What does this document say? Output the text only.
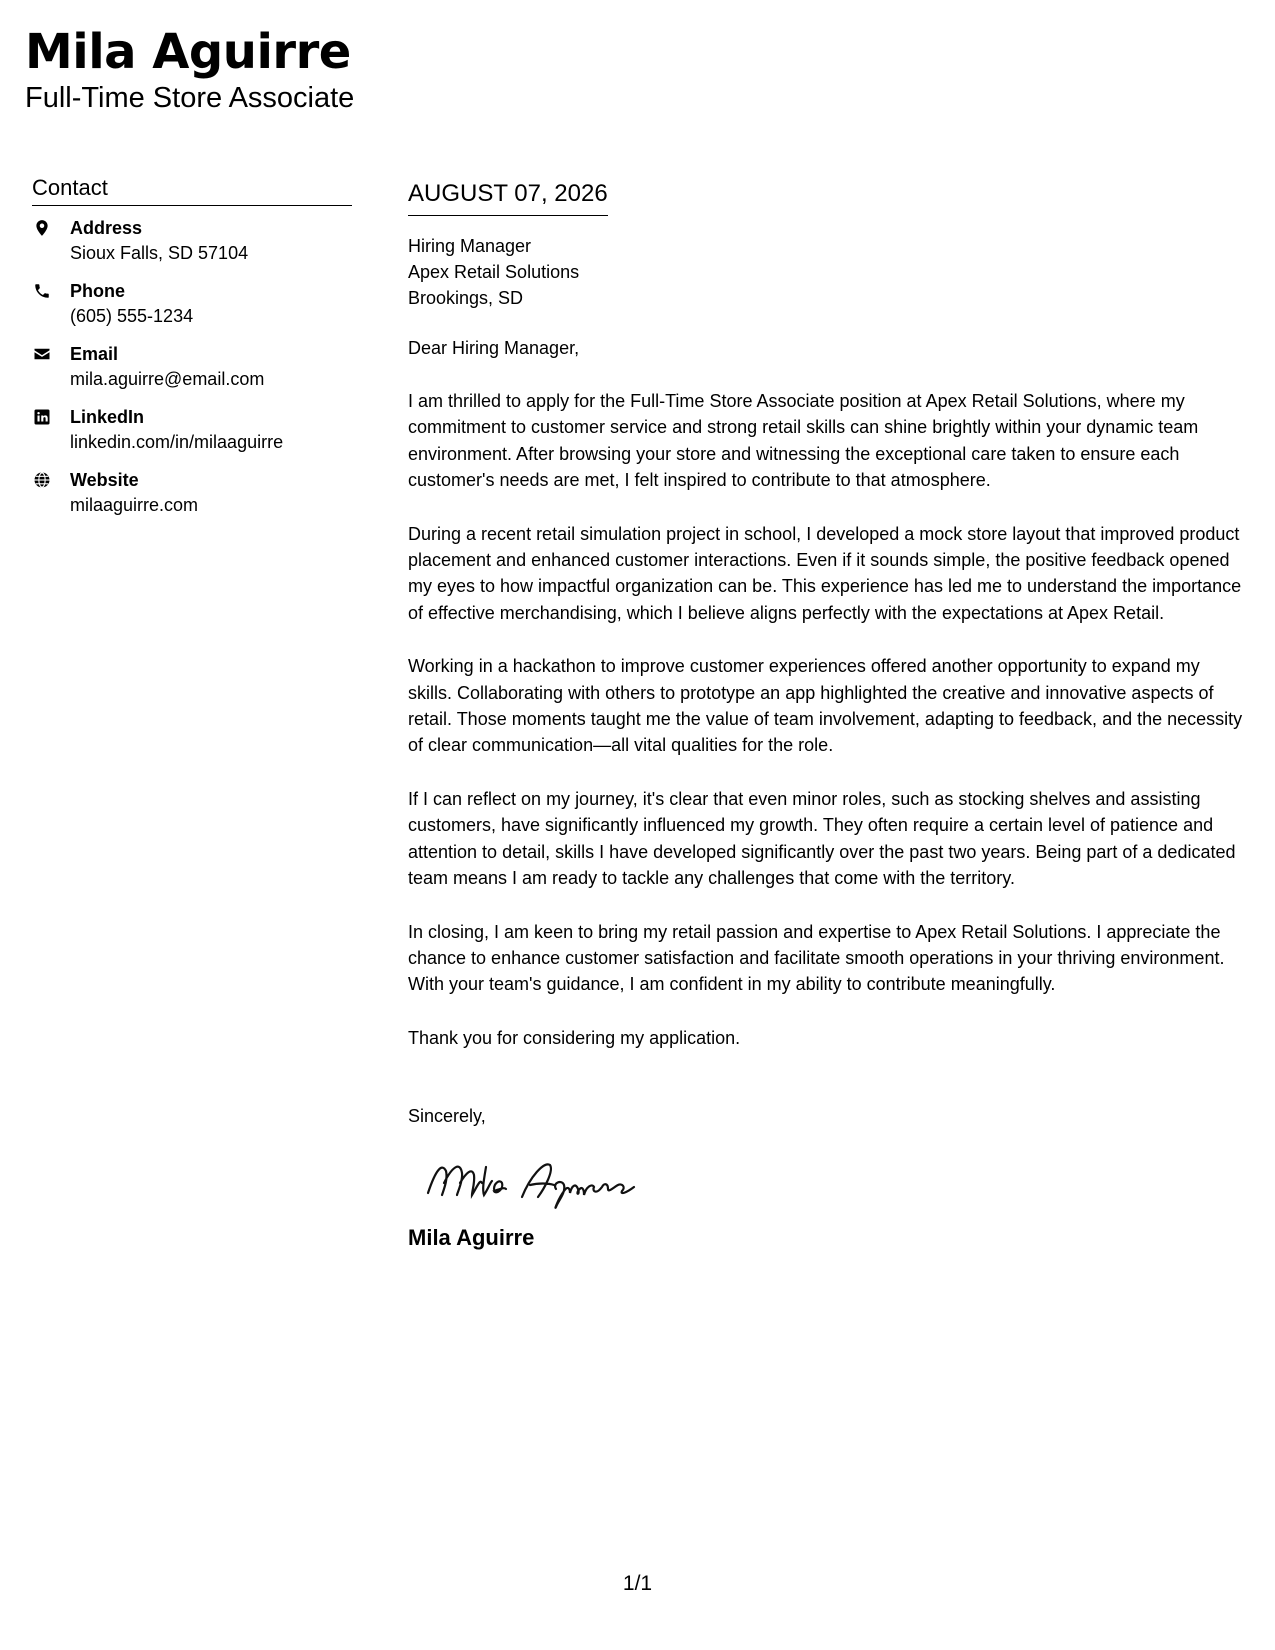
Mila Aguirre
Full-Time Store Associate
Contact
Address
Sioux Falls, SD 57104
Phone
(605) 555-1234
Email
mila.aguirre@email.com
LinkedIn
linkedin.com/in/milaaguirre
Website
milaaguirre.com
AUGUST 07, 2026
Hiring Manager
Apex Retail Solutions
Brookings, SD
Dear Hiring Manager,

I am thrilled to apply for the Full-Time Store Associate position at Apex Retail Solutions, where my commitment to customer service and strong retail skills can shine brightly within your dynamic team environment. After browsing your store and witnessing the exceptional care taken to ensure each customer's needs are met, I felt inspired to contribute to that atmosphere.

During a recent retail simulation project in school, I developed a mock store layout that improved product placement and enhanced customer interactions. Even if it sounds simple, the positive feedback opened my eyes to how impactful organization can be. This experience has led me to understand the importance of effective merchandising, which I believe aligns perfectly with the expectations at Apex Retail.

Working in a hackathon to improve customer experiences offered another opportunity to expand my skills. Collaborating with others to prototype an app highlighted the creative and innovative aspects of retail. Those moments taught me the value of team involvement, adapting to feedback, and the necessity of clear communication—all vital qualities for the role.

If I can reflect on my journey, it's clear that even minor roles, such as stocking shelves and assisting customers, have significantly influenced my growth. They often require a certain level of patience and attention to detail, skills I have developed significantly over the past two years. Being part of a dedicated team means I am ready to tackle any challenges that come with the territory.

In closing, I am keen to bring my retail passion and expertise to Apex Retail Solutions. I appreciate the chance to enhance customer satisfaction and facilitate smooth operations in your thriving environment. With your team's guidance, I am confident in my ability to contribute meaningfully.

Thank you for considering my application.

Sincerely,
Mila Aguirre
1/1
